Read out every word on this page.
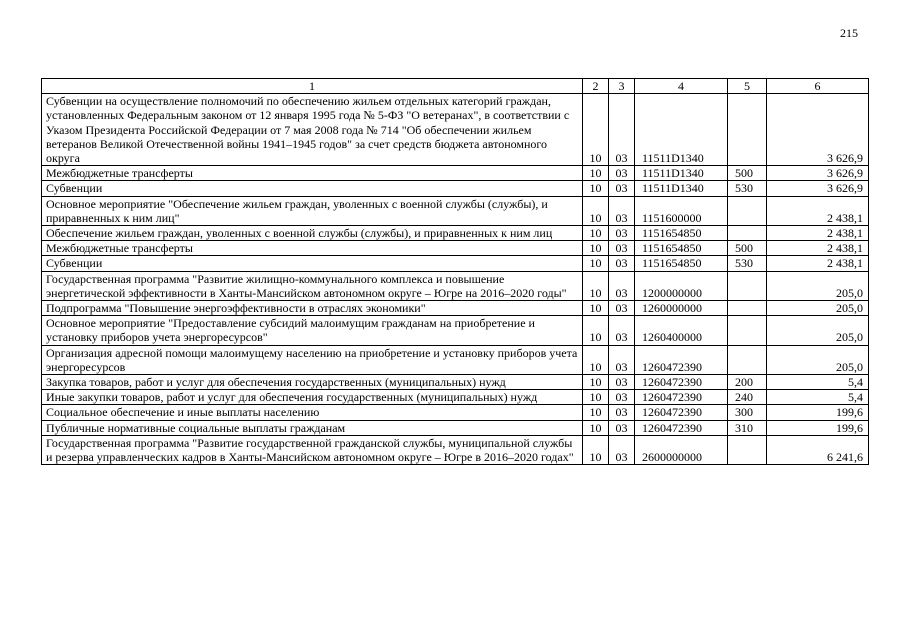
215
1	2	3	4	5	6
Субвенции на осуществление полномочий по обеспечению жильем отдельных категорий граждан, установленных Федеральным законом от 12 января 1995 года № 5-ФЗ "О ветеранах", в соответствии с Указом Президента Российской Федерации от 7 мая 2008 года № 714 "Об обеспечении жильем ветеранов Великой Отечественной войны 1941–1945 годов" за счет средств бюджета автономного округа	10	03	11511D1340		3 626,9
Межбюджетные трансферты	10	03	11511D1340	500	3 626,9
Субвенции	10	03	11511D1340	530	3 626,9
Основное мероприятие "Обеспечение жильем граждан, уволенных с военной службы (службы), и приравненных к ним лиц"	10	03	1151600000		2 438,1
Обеспечение жильем граждан, уволенных с военной службы (службы), и приравненных к ним лиц	10	03	1151654850		2 438,1
Межбюджетные трансферты	10	03	1151654850	500	2 438,1
Субвенции	10	03	1151654850	530	2 438,1
Государственная программа "Развитие жилищно-коммунального комплекса и повышение энергетической эффективности в Ханты-Мансийском автономном округе – Югре на 2016–2020 годы"	10	03	1200000000		205,0
Подпрограмма "Повышение энергоэффективности в отраслях экономики"	10	03	1260000000		205,0
Основное мероприятие "Предоставление субсидий малоимущим гражданам на приобретение и установку приборов учета энергоресурсов"	10	03	1260400000		205,0
Организация адресной помощи малоимущему населению на приобретение и установку приборов учета энергоресурсов	10	03	1260472390		205,0
Закупка товаров, работ и услуг для обеспечения государственных (муниципальных) нужд	10	03	1260472390	200	5,4
Иные закупки товаров, работ и услуг для обеспечения государственных (муниципальных) нужд	10	03	1260472390	240	5,4
Социальное обеспечение и иные выплаты населению	10	03	1260472390	300	199,6
Публичные нормативные социальные выплаты гражданам	10	03	1260472390	310	199,6
Государственная программа "Развитие государственной гражданской службы, муниципальной службы и резерва управленческих кадров в Ханты-Мансийском автономном округе – Югре в 2016–2020 годах"	10	03	2600000000		6 241,6
